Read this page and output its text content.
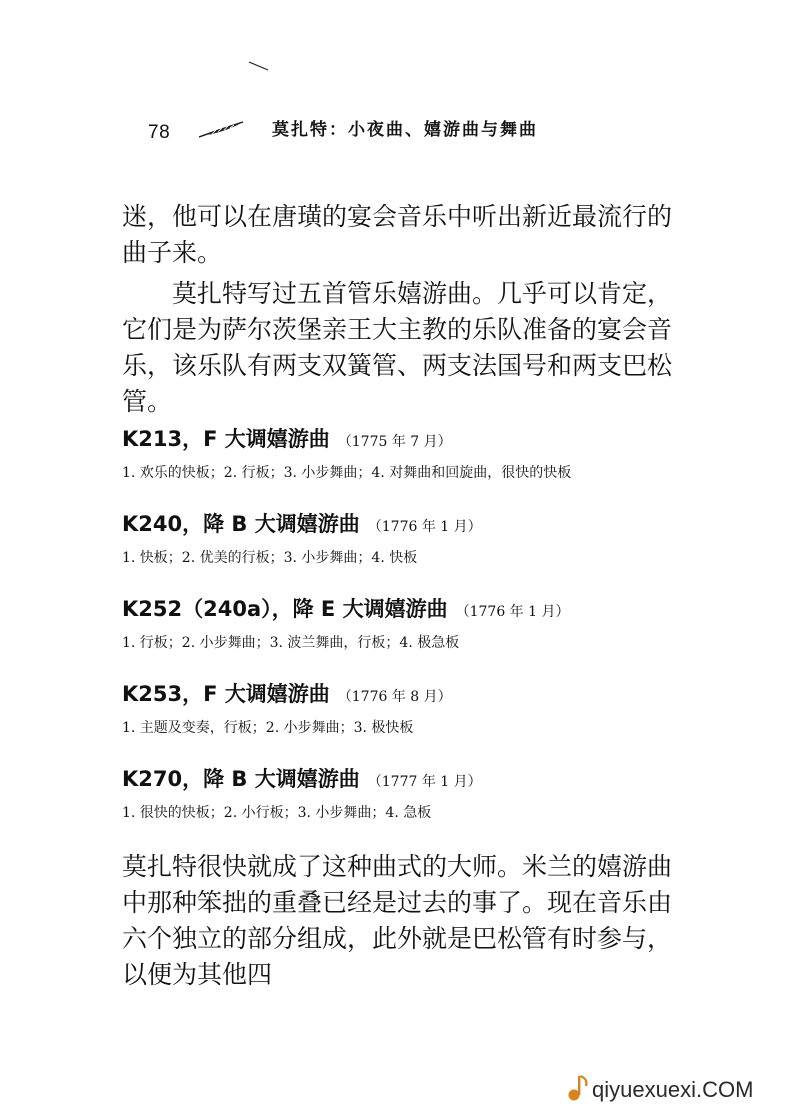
78	莫扎特：小夜曲、嬉游曲与舞曲

迷，他可以在唐璜的宴会音乐中听出新近最流行的曲子来。

莫扎特写过五首管乐嬉游曲。几乎可以肯定，它们是为萨尔茨堡亲王大主教的乐队准备的宴会音乐，该乐队有两支双簧管、两支法国号和两支巴松管。

K213，F 大调嬉游曲 （1775 年 7 月）
1. 欢乐的快板；2. 行板；3. 小步舞曲；4. 对舞曲和回旋曲，很快的快板
K240，降 B 大调嬉游曲 （1776 年 1 月）
1. 快板；2. 优美的行板；3. 小步舞曲；4. 快板
K252（240a），降 E 大调嬉游曲 （1776 年 1 月）
1. 行板；2. 小步舞曲；3. 波兰舞曲，行板；4. 极急板
K253，F 大调嬉游曲 （1776 年 8 月）
1. 主题及变奏，行板；2. 小步舞曲；3. 极快板
K270，降 B 大调嬉游曲 （1777 年 1 月）
1. 很快的快板；2. 小行板；3. 小步舞曲；4. 急板

莫扎特很快就成了这种曲式的大师。米兰的嬉游曲中那种笨拙的重叠已经是过去的事了。现在音乐由六个独立的部分组成，此外就是巴松管有时参与，以便为其他四

qiyuexuexi.COM
